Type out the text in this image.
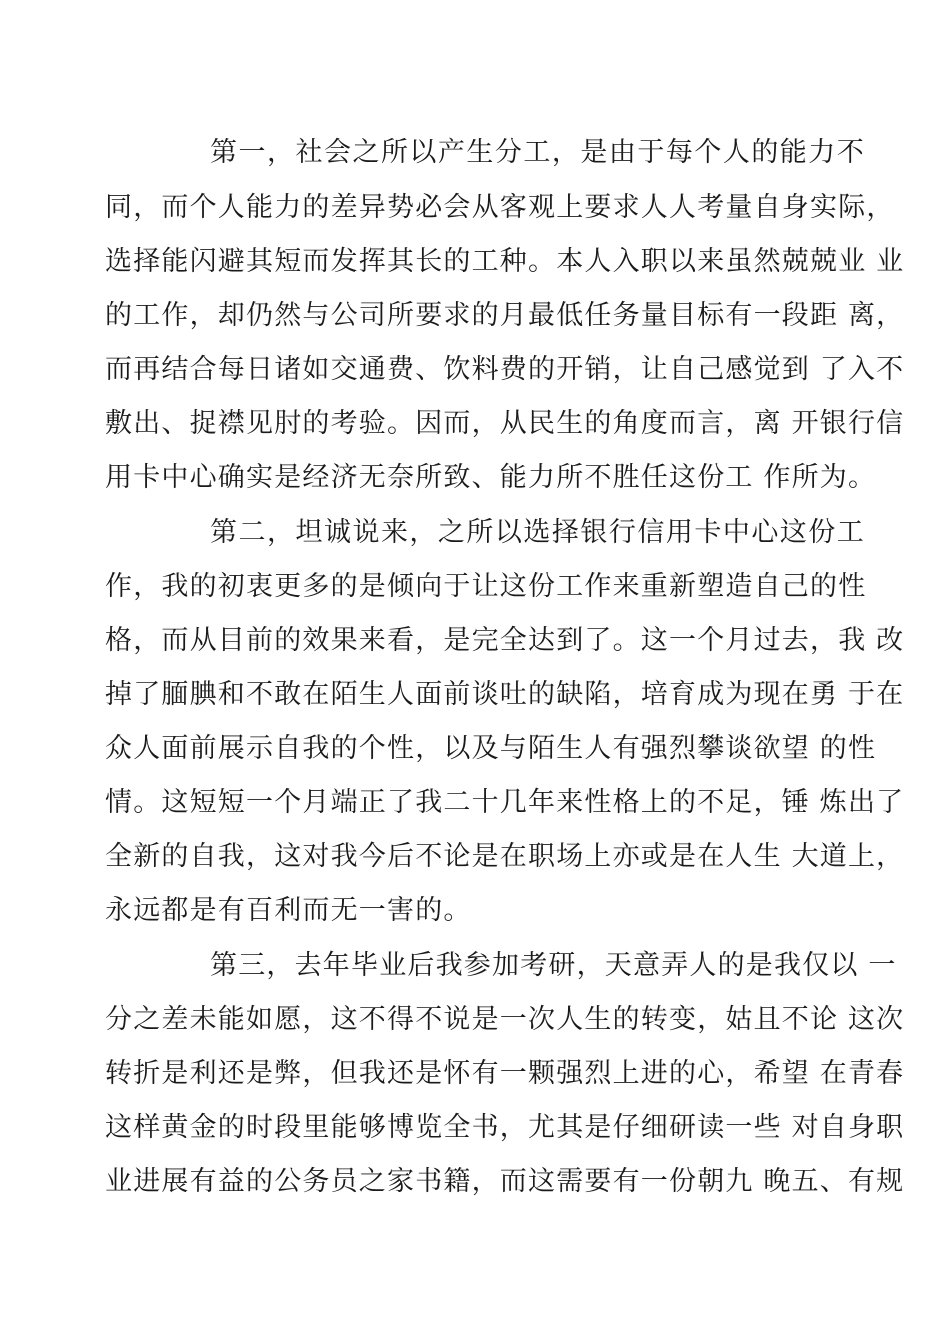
第一，社会之所以产生分工，是由于每个人的能力不
同，而个人能力的差异势必会从客观上要求人人考量自身实际，
选择能闪避其短而发挥其长的工种。本人入职以来虽然兢兢业 业
的工作，却仍然与公司所要求的月最低任务量目标有一段距 离，
而再结合每日诸如交通费、饮料费的开销，让自己感觉到 了入不
敷出、捉襟见肘的考验。因而，从民生的角度而言，离 开银行信
用卡中心确实是经济无奈所致、能力所不胜任这份工 作所为。
第二，坦诚说来，之所以选择银行信用卡中心这份工
作，我的初衷更多的是倾向于让这份工作来重新塑造自己的性
格，而从目前的效果来看，是完全达到了。这一个月过去，我 改
掉了腼腆和不敢在陌生人面前谈吐的缺陷，培育成为现在勇 于在
众人面前展示自我的个性，以及与陌生人有强烈攀谈欲望 的性
情。这短短一个月端正了我二十几年来性格上的不足，锤 炼出了
全新的自我，这对我今后不论是在职场上亦或是在人生 大道上，
永远都是有百利而无一害的。
第三，去年毕业后我参加考研，天意弄人的是我仅以 一
分之差未能如愿，这不得不说是一次人生的转变，姑且不论 这次
转折是利还是弊，但我还是怀有一颗强烈上进的心，希望 在青春
这样黄金的时段里能够博览全书，尤其是仔细研读一些 对自身职
业进展有益的公务员之家书籍，而这需要有一份朝九 晚五、有规
